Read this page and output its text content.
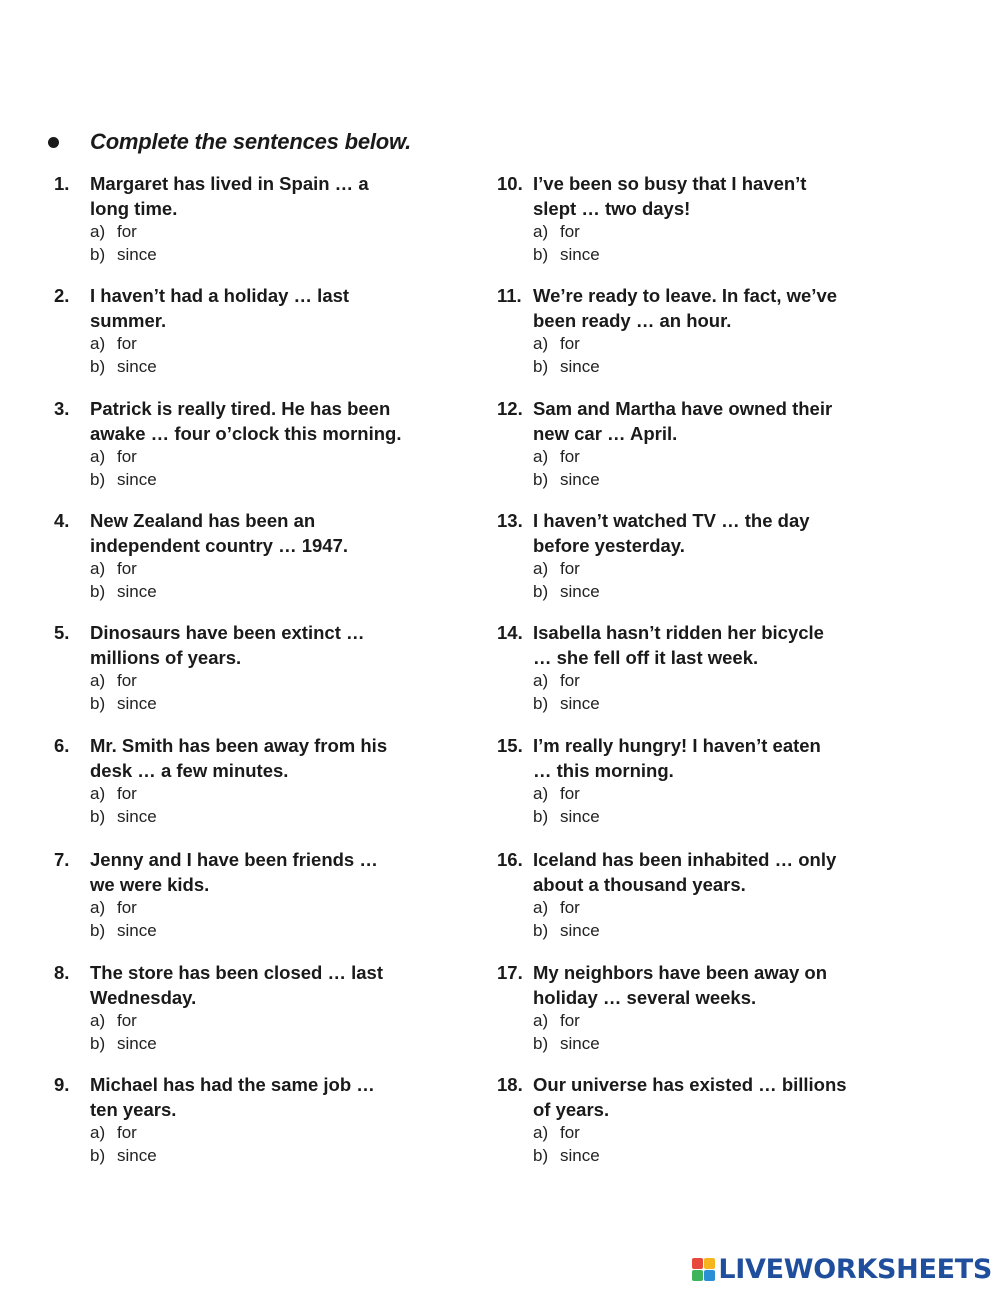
Complete the sentences below.
1. Margaret has lived in Spain … a
long time.
a) for
b) since
2. I haven’t had a holiday … last
summer.
a) for
b) since
3. Patrick is really tired. He has been
awake … four o’clock this morning.
a) for
b) since
4. New Zealand has been an
independent country … 1947.
a) for
b) since
5. Dinosaurs have been extinct …
millions of years.
a) for
b) since
6. Mr. Smith has been away from his
desk … a few minutes.
a) for
b) since
7. Jenny and I have been friends …
we were kids.
a) for
b) since
8. The store has been closed … last
Wednesday.
a) for
b) since
9. Michael has had the same job …
ten years.
a) for
b) since
10. I’ve been so busy that I haven’t
slept … two days!
a) for
b) since
11. We’re ready to leave. In fact, we’ve
been ready … an hour.
a) for
b) since
12. Sam and Martha have owned their
new car … April.
a) for
b) since
13. I haven’t watched TV … the day
before yesterday.
a) for
b) since
14. Isabella hasn’t ridden her bicycle
… she fell off it last week.
a) for
b) since
15. I’m really hungry! I haven’t eaten
… this morning.
a) for
b) since
16. Iceland has been inhabited … only
about a thousand years.
a) for
b) since
17. My neighbors have been away on
holiday … several weeks.
a) for
b) since
18. Our universe has existed … billions
of years.
a) for
b) since
LIVEWORKSHEETS
